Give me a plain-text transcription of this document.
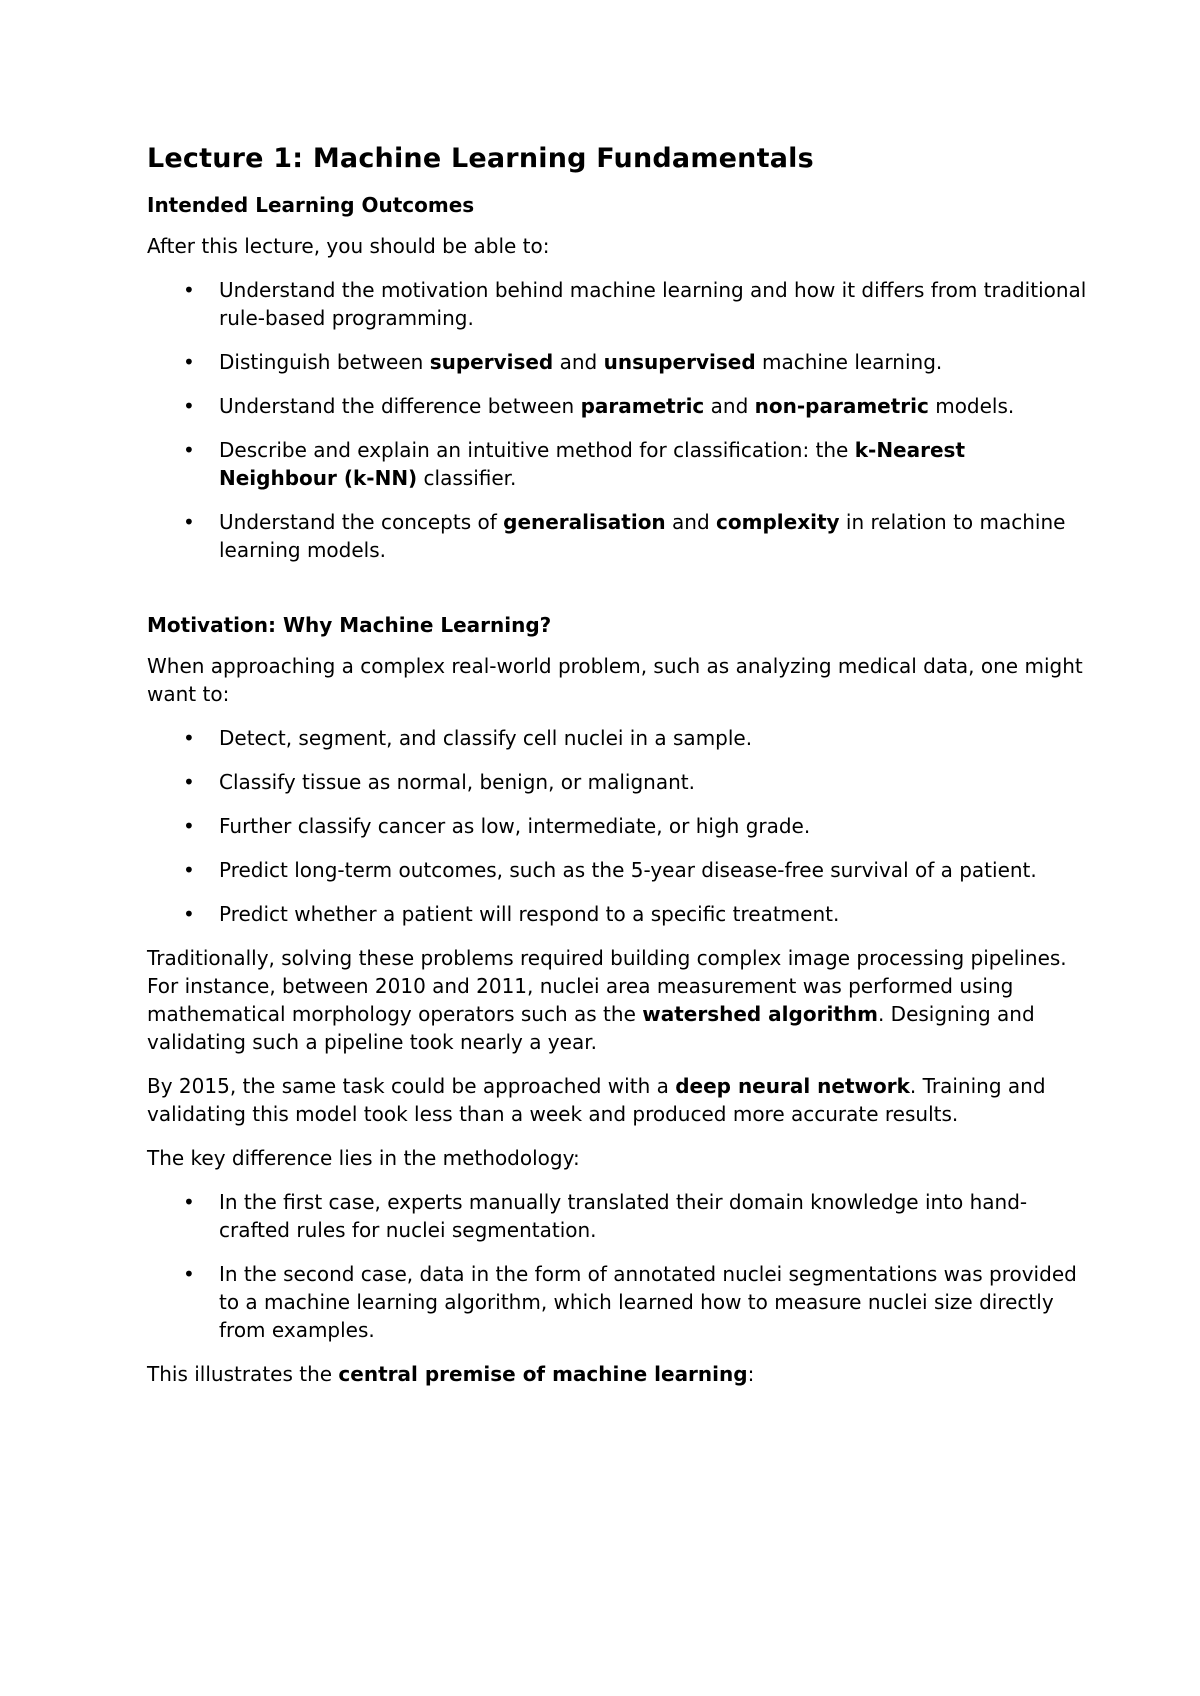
Lecture 1: Machine Learning Fundamentals
Intended Learning Outcomes

After this lecture, you should be able to:

•	Understand the motivation behind machine learning and how it differs from traditional rule-based programming.
•	Distinguish between supervised and unsupervised machine learning.
•	Understand the difference between parametric and non-parametric models.
•	Describe and explain an intuitive method for classification: the k-Nearest Neighbour (k-NN) classifier.
•	Understand the concepts of generalisation and complexity in relation to machine learning models.
Motivation: Why Machine Learning?

When approaching a complex real-world problem, such as analyzing medical data, one might want to:

•	Detect, segment, and classify cell nuclei in a sample.
•	Classify tissue as normal, benign, or malignant.
•	Further classify cancer as low, intermediate, or high grade.
•	Predict long-term outcomes, such as the 5-year disease-free survival of a patient.
•	Predict whether a patient will respond to a specific treatment.

Traditionally, solving these problems required building complex image processing pipelines. For instance, between 2010 and 2011, nuclei area measurement was performed using mathematical morphology operators such as the watershed algorithm. Designing and validating such a pipeline took nearly a year.

By 2015, the same task could be approached with a deep neural network. Training and validating this model took less than a week and produced more accurate results.

The key difference lies in the methodology:

•	In the first case, experts manually translated their domain knowledge into hand-crafted rules for nuclei segmentation.
•	In the second case, data in the form of annotated nuclei segmentations was provided to a machine learning algorithm, which learned how to measure nuclei size directly from examples.

This illustrates the central premise of machine learning:
